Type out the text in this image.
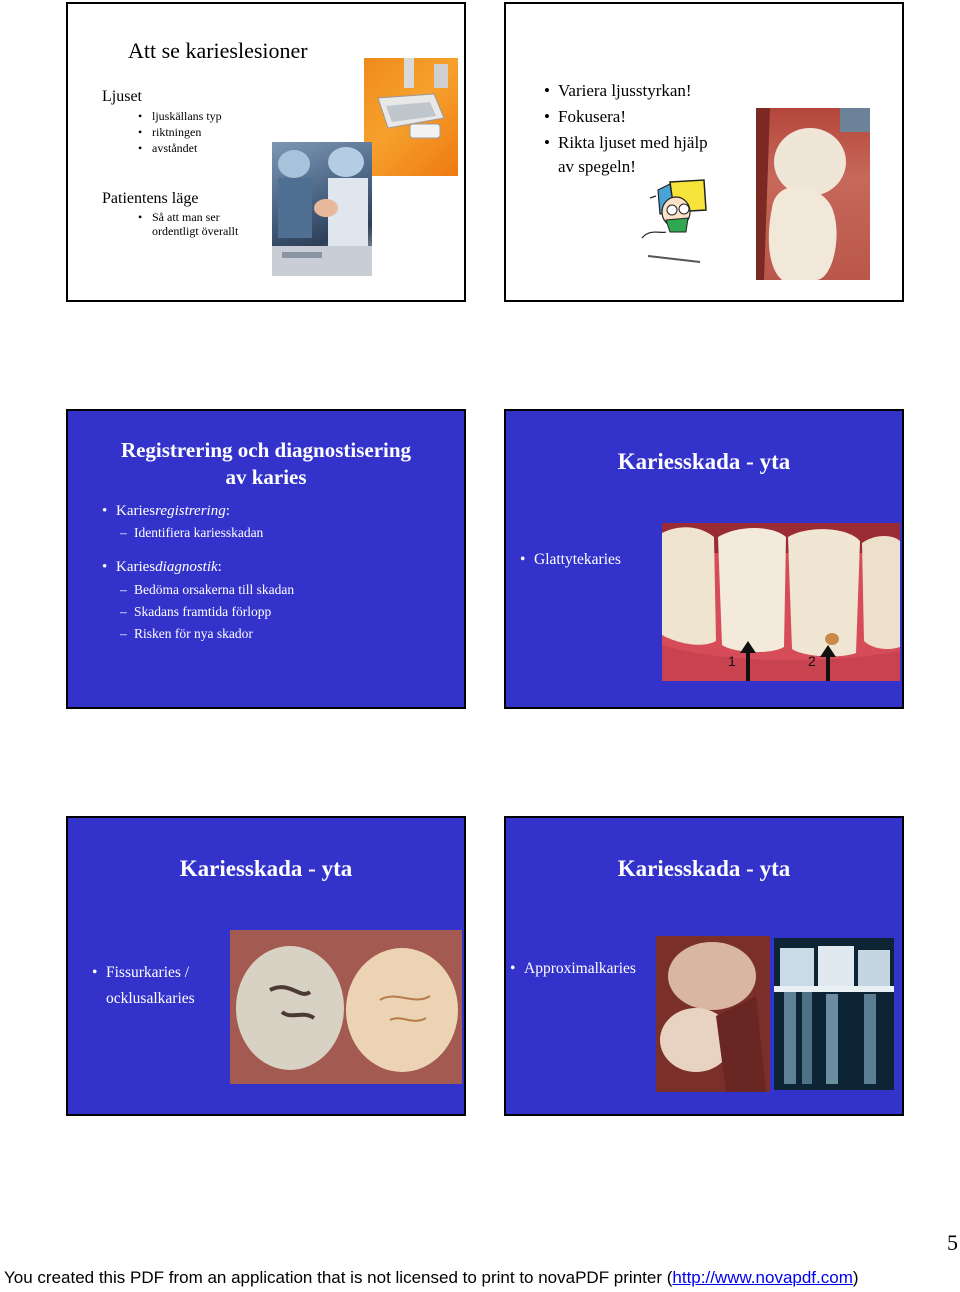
Att se karieslesioner
Ljuset
• ljuskällans typ
• riktningen
• avståndet
Patientens läge
• Så att man ser
ordentligt överallt
• Variera ljusstyrkan!
• Fokusera!
• Rikta ljuset med hjälp
av spegeln!
Registrering och diagnostisering
av karies
• Kariesregistrering:
– Identifiera kariesskadan
• Kariesdiagnostik:
– Bedöma orsakerna till skadan
– Skadans framtida förlopp
– Risken för nya skador
Kariesskada - yta
• Glattytekaries
1	2
Kariesskada - yta
• Fissurkaries /
ocklusalkaries
Kariesskada - yta
• Approximalkaries
5
You created this PDF from an application that is not licensed to print to novaPDF printer (http://www.novapdf.com)
